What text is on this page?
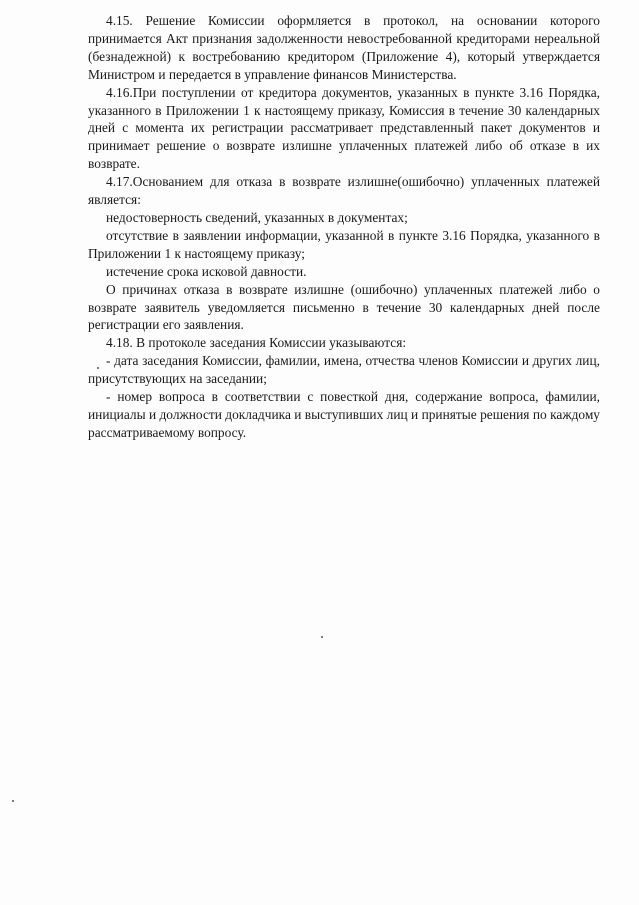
4.15. Решение Комиссии оформляется в протокол, на основании которого принимается Акт признания задолженности невостребованной кредиторами нереальной (безнадежной) к востребованию кредитором (Приложение 4), который утверждается Министром и передается в управление финансов Министерства.

4.16.При поступлении от кредитора документов, указанных в пункте 3.16 Порядка, указанного в Приложении 1 к настоящему приказу, Комиссия в течение 30 календарных дней с момента их регистрации рассматривает представленный пакет документов и принимает решение о возврате излишне уплаченных платежей либо об отказе в их возврате.

4.17.Основанием для отказа в возврате излишне(ошибочно) уплаченных платежей является:

недостоверность сведений, указанных в документах;

отсутствие в заявлении информации, указанной в пункте 3.16 Порядка, указанного в Приложении 1 к настоящему приказу;

истечение срока исковой давности.

О причинах отказа в возврате излишне (ошибочно) уплаченных платежей либо о возврате заявитель уведомляется письменно в течение 30 календарных дней после регистрации его заявления.

4.18. В протоколе заседания Комиссии указываются:

- дата заседания Комиссии, фамилии, имена, отчества членов Комиссии и других лиц, присутствующих на заседании;

- номер вопроса в соответствии с повесткой дня, содержание вопроса, фамилии, инициалы и должности докладчика и выступивших лиц и принятые решения по каждому рассматриваемому вопросу.
